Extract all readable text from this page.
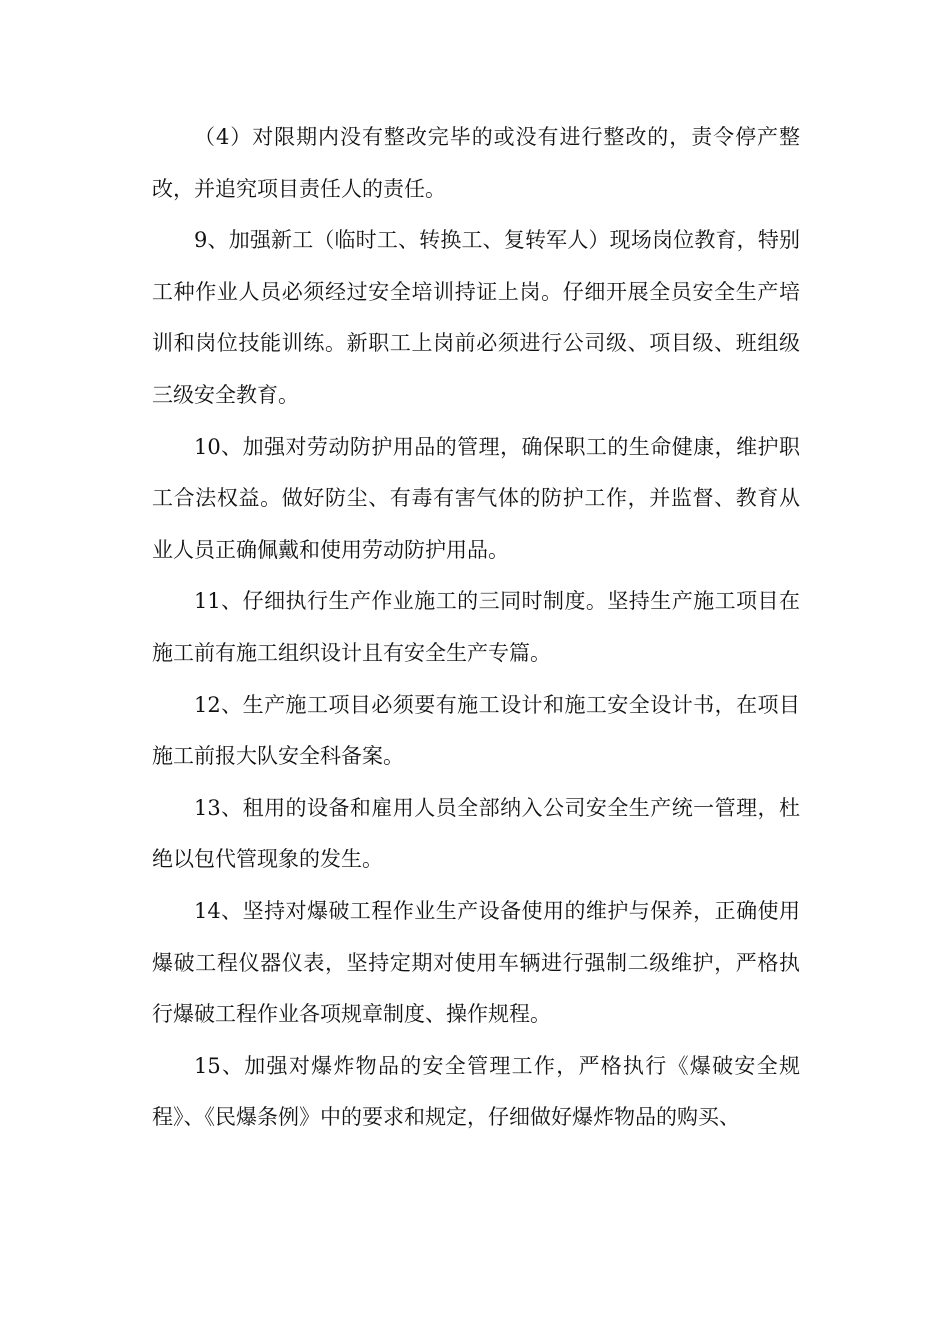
（4）对限期内没有整改完毕的或没有进行整改的，责令停产整改，并追究项目责任人的责任。

9、加强新工（临时工、转换工、复转军人）现场岗位教育，特别工种作业人员必须经过安全培训持证上岗。仔细开展全员安全生产培训和岗位技能训练。新职工上岗前必须进行公司级、项目级、班组级三级安全教育。

10、加强对劳动防护用品的管理，确保职工的生命健康，维护职工合法权益。做好防尘、有毒有害气体的防护工作，并监督、教育从业人员正确佩戴和使用劳动防护用品。

11、仔细执行生产作业施工的三同时制度。坚持生产施工项目在施工前有施工组织设计且有安全生产专篇。

12、生产施工项目必须要有施工设计和施工安全设计书，在项目施工前报大队安全科备案。

13、租用的设备和雇用人员全部纳入公司安全生产统一管理，杜绝以包代管现象的发生。

14、坚持对爆破工程作业生产设备使用的维护与保养，正确使用爆破工程仪器仪表，坚持定期对使用车辆进行强制二级维护，严格执行爆破工程作业各项规章制度、操作规程。

15、加强对爆炸物品的安全管理工作，严格执行《爆破安全规程》、《民爆条例》中的要求和规定，仔细做好爆炸物品的购买、
